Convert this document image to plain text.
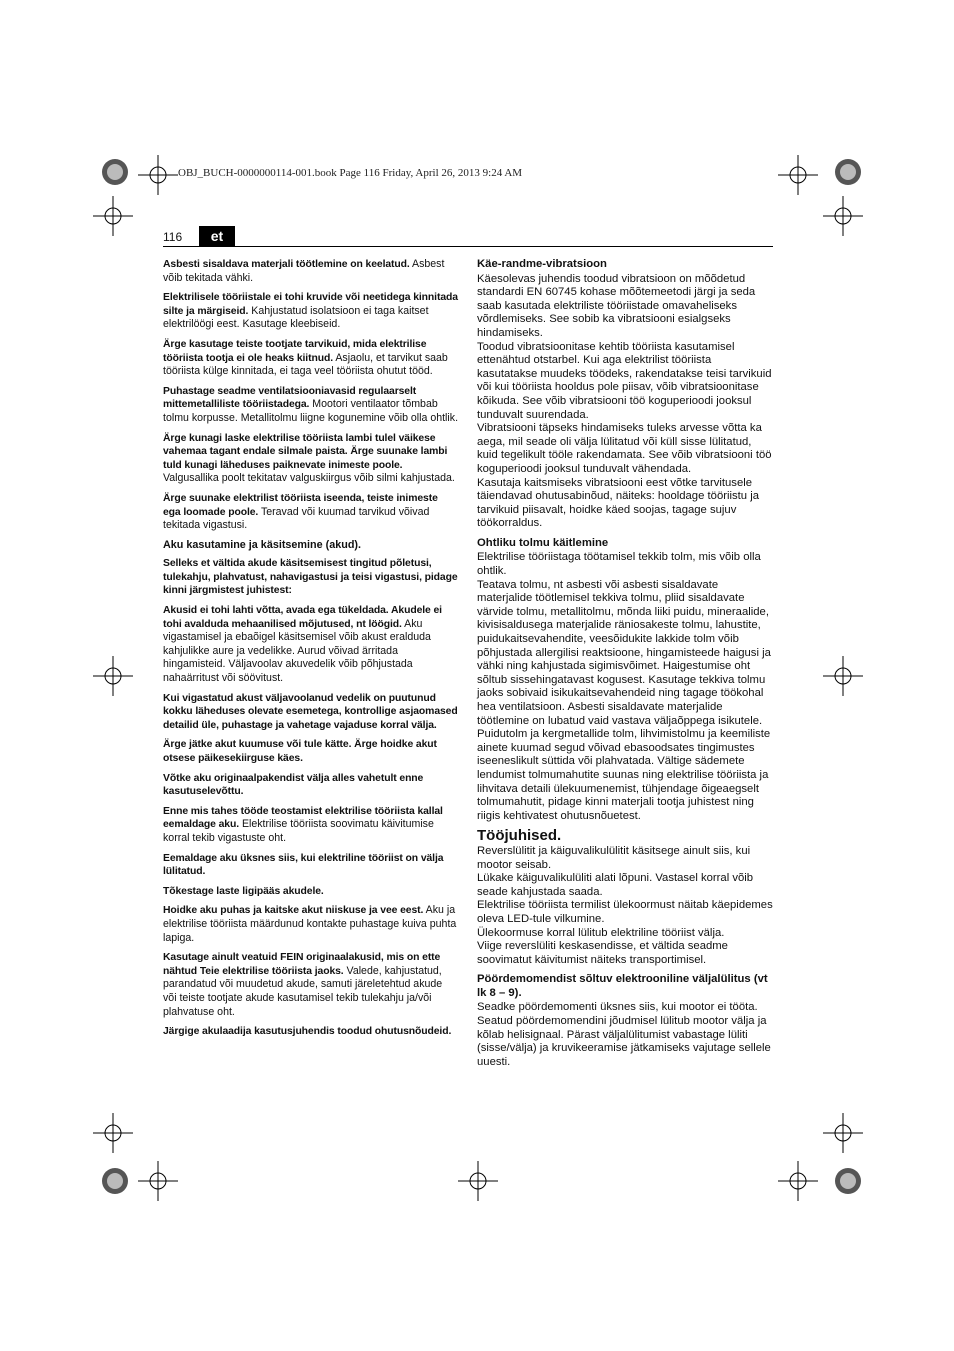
OBJ_BUCH-0000000114-001.book Page 116 Friday, April 26, 2013 9:24 AM
116	et

Asbesti sisaldava materjali töötlemine on keelatud. Asbest võib tekitada vähki.

Elektrilisele tööriistale ei tohi kruvide või neetidega kinnitada silte ja märgiseid. Kahjustatud isolatsioon ei taga kaitset elektrilöögi eest. Kasutage kleebiseid.

Ärge kasutage teiste tootjate tarvikuid, mida elektrilise tööriista tootja ei ole heaks kiitnud. Asjaolu, et tarvikut saab tööriista külge kinnitada, ei taga veel tööriista ohutut tööd.

Puhastage seadme ventilatsiooniavasid regulaarselt mittemetalliliste tööriistadega. Mootori ventilaator tõmbab tolmu korpusse. Metallitolmu liigne kogunemine võib olla ohtlik.

Ärge kunagi laske elektrilise tööriista lambi tulel väikese vahemaa tagant endale silmale paista. Ärge suunake lambi tuld kunagi läheduses paiknevate inimeste poole. Valgusallika poolt tekitatav valguskiirgus võib silmi kahjustada.

Ärge suunake elektrilist tööriista iseenda, teiste inimeste ega loomade poole. Teravad või kuumad tarvikud võivad tekitada vigastusi.

Aku kasutamine ja käsitsemine (akud).

Selleks et vältida akude käsitsemisest tingitud põletusi, tulekahju, plahvatust, nahavigastusi ja teisi vigastusi, pidage kinni järgmistest juhistest:

Akusid ei tohi lahti võtta, avada ega tükeldada. Akudele ei tohi avalduda mehaanilised mõjutused, nt löögid. Aku vigastamisel ja ebaõigel käsitsemisel võib akust eralduda kahjulikke aure ja vedelikke. Aurud võivad ärritada hingamisteid. Väljavoolav akuvedelik võib põhjustada nahaärritust või söövitust.

Kui vigastatud akust väljavoolanud vedelik on puutunud kokku läheduses olevate esemetega, kontrollige asjaomased detailid üle, puhastage ja vahetage vajaduse korral välja.

Ärge jätke akut kuumuse või tule kätte. Ärge hoidke akut otsese päikesekiirguse käes.

Võtke aku originaalpakendist välja alles vahetult enne kasutuselevõttu.

Enne mis tahes tööde teostamist elektrilise tööriista kallal eemaldage aku. Elektrilise tööriista soovimatu käivitumise korral tekib vigastuste oht.

Eemaldage aku üksnes siis, kui elektriline tööriist on välja lülitatud.

Tõkestage laste ligipääs akudele.

Hoidke aku puhas ja kaitske akut niiskuse ja vee eest. Aku ja elektrilise tööriista määrdunud kontakte puhastage kuiva puhta lapiga.

Kasutage ainult veatuid FEIN originaalakusid, mis on ette nähtud Teie elektrilise tööriista jaoks. Valede, kahjustatud, parandatud või muudetud akude, samuti järeletehtud akude või teiste tootjate akude kasutamisel tekib tulekahju ja/või plahvatuse oht.

Järgige akulaadija kasutusjuhendis toodud ohutusnõudeid.

Käe-randme-vibratsioon

Käesolevas juhendis toodud vibratsioon on mõõdetud standardi EN 60745 kohase mõõtemeetodi järgi ja seda saab kasutada elektriliste tööriistade omavaheliseks võrdlemiseks. See sobib ka vibratsiooni esialgseks hindamiseks.

Toodud vibratsioonitase kehtib tööriista kasutamisel ettenähtud otstarbel. Kui aga elektrilist tööriista kasutatakse muudeks töödeks, rakendatakse teisi tarvikuid või kui tööriista hooldus pole piisav, võib vibratsioonitase kõikuda. See võib vibratsiooni töö koguperioodi jooksul tunduvalt suurendada.

Vibratsiooni täpseks hindamiseks tuleks arvesse võtta ka aega, mil seade oli välja lülitatud või küll sisse lülitatud, kuid tegelikult tööle rakendamata. See võib vibratsiooni töö koguperioodi jooksul tunduvalt vähendada.

Kasutaja kaitsmiseks vibratsiooni eest võtke tarvitusele täiendavad ohutusabinõud, näiteks: hooldage tööriistu ja tarvikuid piisavalt, hoidke käed soojas, tagage sujuv töökorraldus.

Ohtliku tolmu käitlemine

Elektrilise tööriistaga töötamisel tekkib tolm, mis võib olla ohtlik.

Teatava tolmu, nt asbesti või asbesti sisaldavate materjalide töötlemisel tekkiva tolmu, pliid sisaldavate värvide tolmu, metallitolmu, mõnda liiki puidu, mineraalide, kivisisaldusega materjalide räniosakeste tolmu, lahustite, puidukaitsevahendite, veesõidukite lakkide tolm võib põhjustada allergilisi reaktsioone, hingamisteede haigusi ja vähki ning kahjustada sigimisvõimet. Haigestumise oht sõltub sissehingatavast kogusest. Kasutage tekkiva tolmu jaoks sobivaid isikukaitsevahendeid ning tagage töökohal hea ventilatsioon. Asbesti sisaldavate materjalide töötlemine on lubatud vaid vastava väljaõppega isikutele.

Puidutolm ja kergmetallide tolm, lihvimistolmu ja keemiliste ainete kuumad segud võivad ebasoodsates tingimustes iseeneslikult süttida või plahvatada. Vältige sädemete lendumist tolmumahutite suunas ning elektrilise tööriista ja lihvitava detaili ülekuumenemist, tühjendage õigeaegselt tolmumahutit, pidage kinni materjali tootja juhistest ning riigis kehtivatest ohutusnõuetest.

Tööjuhised.

Reverslülitit ja käiguvalikulülitit käsitsege ainult siis, kui mootor seisab.

Lükake käiguvalikulüliti alati lõpuni. Vastasel korral võib seade kahjustada saada.

Elektrilise tööriista termilist ülekoormust näitab käepidemes oleva LED-tule vilkumine.

Ülekoormuse korral lülitub elektriline tööriist välja.

Viige reverslüliti keskasendisse, et vältida seadme soovimatut käivitumist näiteks transportimisel.

Pöördemomendist sõltuv elektrooniline väljalülitus (vt lk 8 – 9).

Seadke pöördemomenti üksnes siis, kui mootor ei tööta. Seatud pöördemomendini jõudmisel lülitub mootor välja ja kõlab helisignaal. Pärast väljalülitumist vabastage lüliti (sisse/välja) ja kruvikeeramise jätkamiseks vajutage sellele uuesti.
